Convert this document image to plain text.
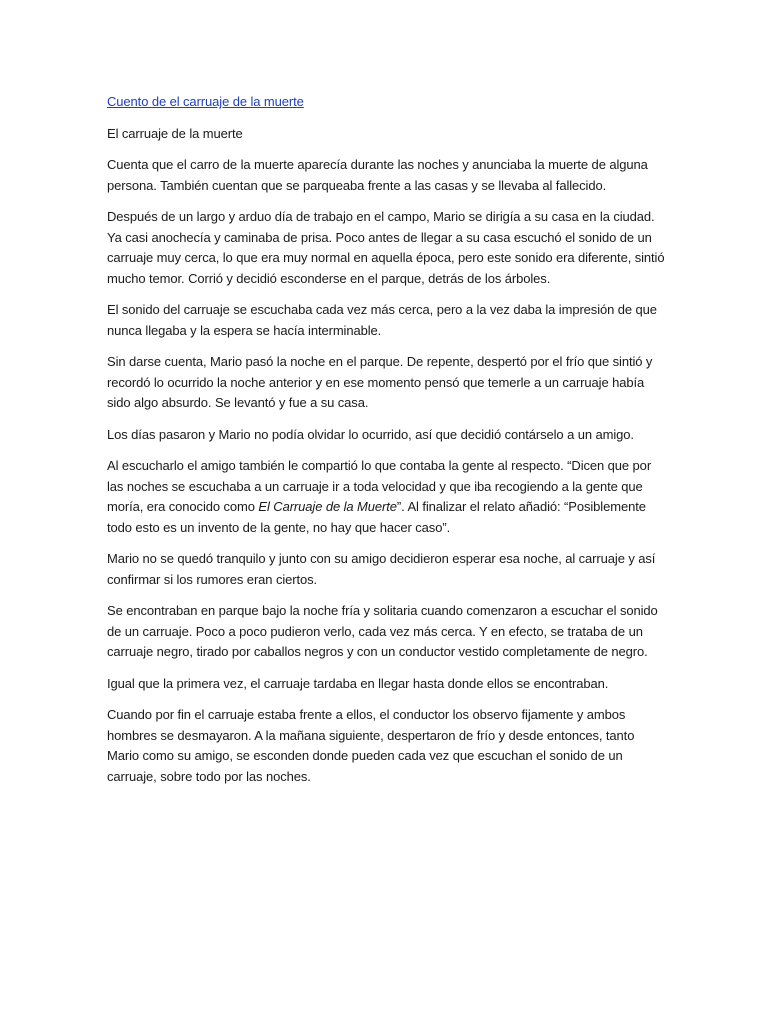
Cuento de el carruaje de la muerte
El carruaje de la muerte

Cuenta que el carro de la muerte aparecía durante las noches y anunciaba la muerte de alguna persona. También cuentan que se parqueaba frente a las casas y se llevaba al fallecido.

Después de un largo y arduo día de trabajo en el campo, Mario se dirigía a su casa en la ciudad. Ya casi anochecía y caminaba de prisa. Poco antes de llegar a su casa escuchó el sonido de un carruaje muy cerca, lo que era muy normal en aquella época, pero este sonido era diferente, sintió mucho temor. Corrió y decidió esconderse en el parque, detrás de los árboles.

El sonido del carruaje se escuchaba cada vez más cerca, pero a la vez daba la impresión de que nunca llegaba y la espera se hacía interminable.

Sin darse cuenta, Mario pasó la noche en el parque. De repente, despertó por el frío que sintió y recordó lo ocurrido la noche anterior y en ese momento pensó que temerle a un carruaje había sido algo absurdo. Se levantó y fue a su casa.

Los días pasaron y Mario no podía olvidar lo ocurrido, así que decidió contárselo a un amigo.

Al escucharlo el amigo también le compartió lo que contaba la gente al respecto. “Dicen que por las noches se escuchaba a un carruaje ir a toda velocidad y que iba recogiendo a la gente que moría, era conocido como El Carruaje de la Muerte”. Al finalizar el relato añadió: “Posiblemente todo esto es un invento de la gente, no hay que hacer caso”.

Mario no se quedó tranquilo y junto con su amigo decidieron esperar esa noche, al carruaje y así confirmar si los rumores eran ciertos.

Se encontraban en parque bajo la noche fría y solitaria cuando comenzaron a escuchar el sonido de un carruaje. Poco a poco pudieron verlo, cada vez más cerca. Y en efecto, se trataba de un carruaje negro, tirado por caballos negros y con un conductor vestido completamente de negro.

Igual que la primera vez, el carruaje tardaba en llegar hasta donde ellos se encontraban.

Cuando por fin el carruaje estaba frente a ellos, el conductor los observo fijamente y ambos hombres se desmayaron. A la mañana siguiente, despertaron de frío y desde entonces, tanto Mario como su amigo, se esconden donde pueden cada vez que escuchan el sonido de un carruaje, sobre todo por las noches.
